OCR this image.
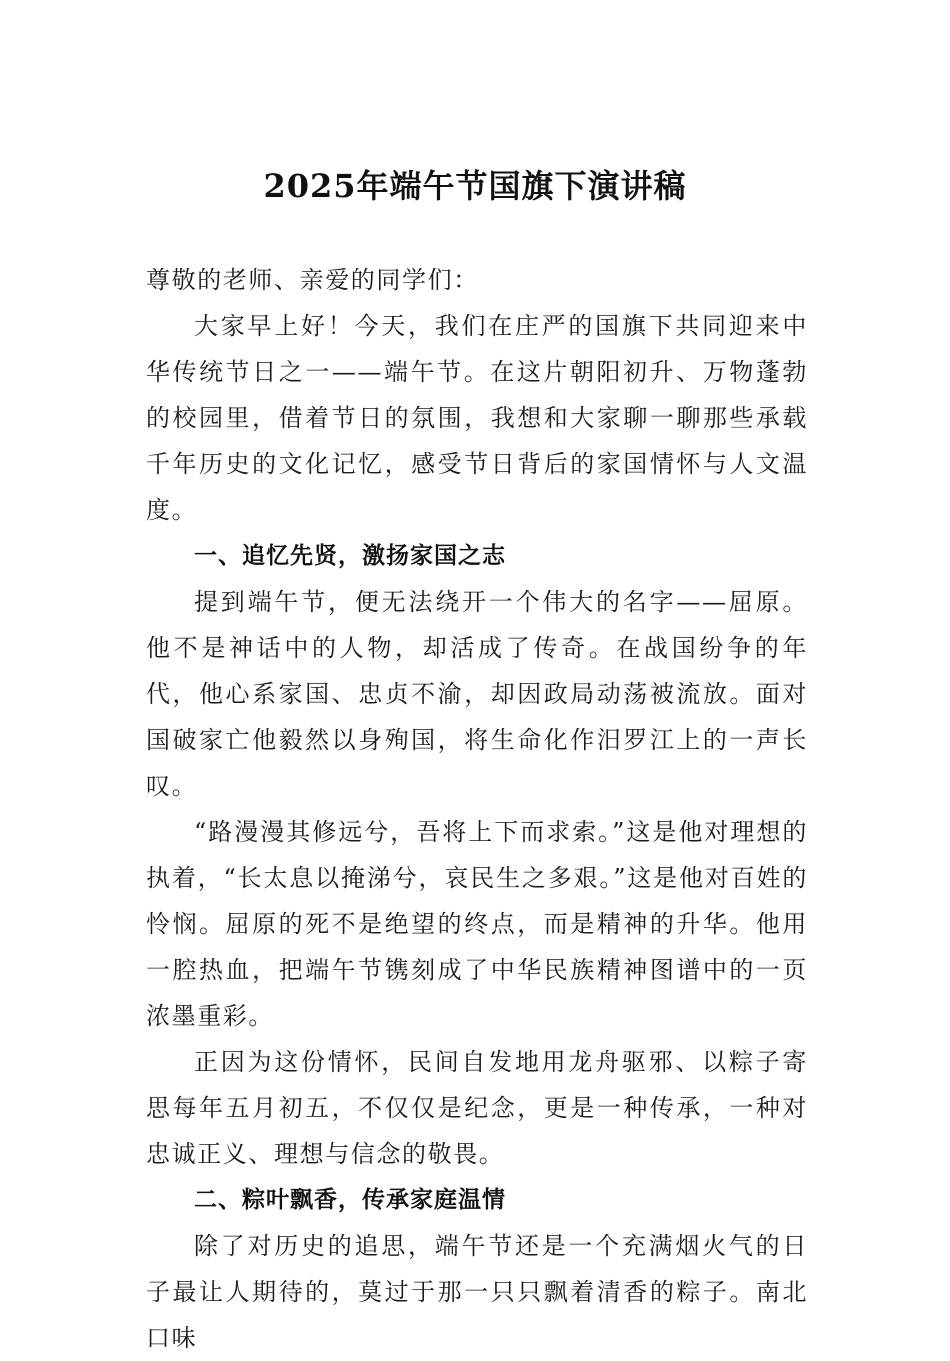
2025年端午节国旗下演讲稿

尊敬的老师、亲爱的同学们：

大家早上好！今天，我们在庄严的国旗下共同迎来中华传统节日之一——端午节。在这片朝阳初升、万物蓬勃的校园里，借着节日的氛围，我想和大家聊一聊那些承载千年历史的文化记忆，感受节日背后的家国情怀与人文温度。

一、追忆先贤，激扬家国之志

提到端午节，便无法绕开一个伟大的名字——屈原。他不是神话中的人物，却活成了传奇。在战国纷争的年代，他心系家国、忠贞不渝，却因政局动荡被流放。面对国破家亡他毅然以身殉国，将生命化作汨罗江上的一声长叹。

“路漫漫其修远兮，吾将上下而求索。”这是他对理想的执着，“长太息以掩涕兮，哀民生之多艰。”这是他对百姓的怜悯。屈原的死不是绝望的终点，而是精神的升华。他用一腔热血，把端午节镌刻成了中华民族精神图谱中的一页浓墨重彩。

正因为这份情怀，民间自发地用龙舟驱邪、以粽子寄思每年五月初五，不仅仅是纪念，更是一种传承，一种对忠诚正义、理想与信念的敬畏。

二、粽叶飘香，传承家庭温情

除了对历史的追思，端午节还是一个充满烟火气的日子最让人期待的，莫过于那一只只飘着清香的粽子。南北口味
